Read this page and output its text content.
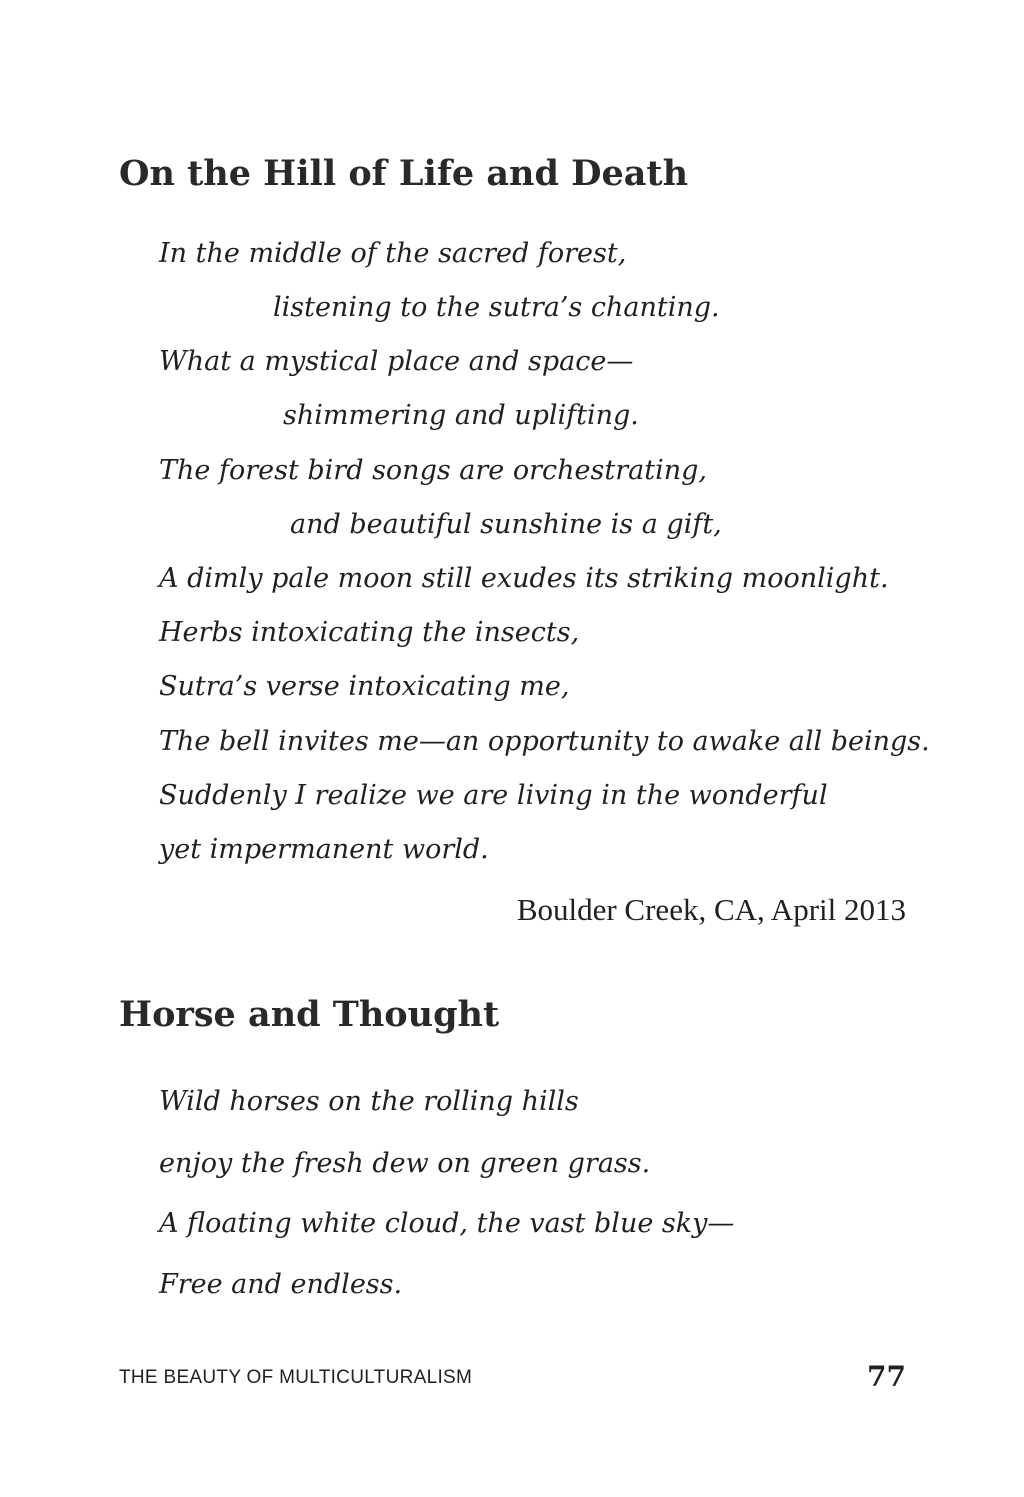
On the Hill of Life and Death

In the middle of the sacred forest,

listening to the sutra’s chanting.

What a mystical place and space—

shimmering and uplifting.

The forest bird songs are orchestrating,

and beautiful sunshine is a gift,

A dimly pale moon still exudes its striking moonlight.

Herbs intoxicating the insects,

Sutra’s verse intoxicating me,

The bell invites me—an opportunity to awake all beings.

Suddenly I realize we are living in the wonderful

yet impermanent world.

Boulder Creek, CA, April 2013

Horse and Thought

Wild horses on the rolling hills

enjoy the fresh dew on green grass.

A floating white cloud, the vast blue sky—

Free and endless.

THE BEAUTY OF MULTICULTURALISM	77
